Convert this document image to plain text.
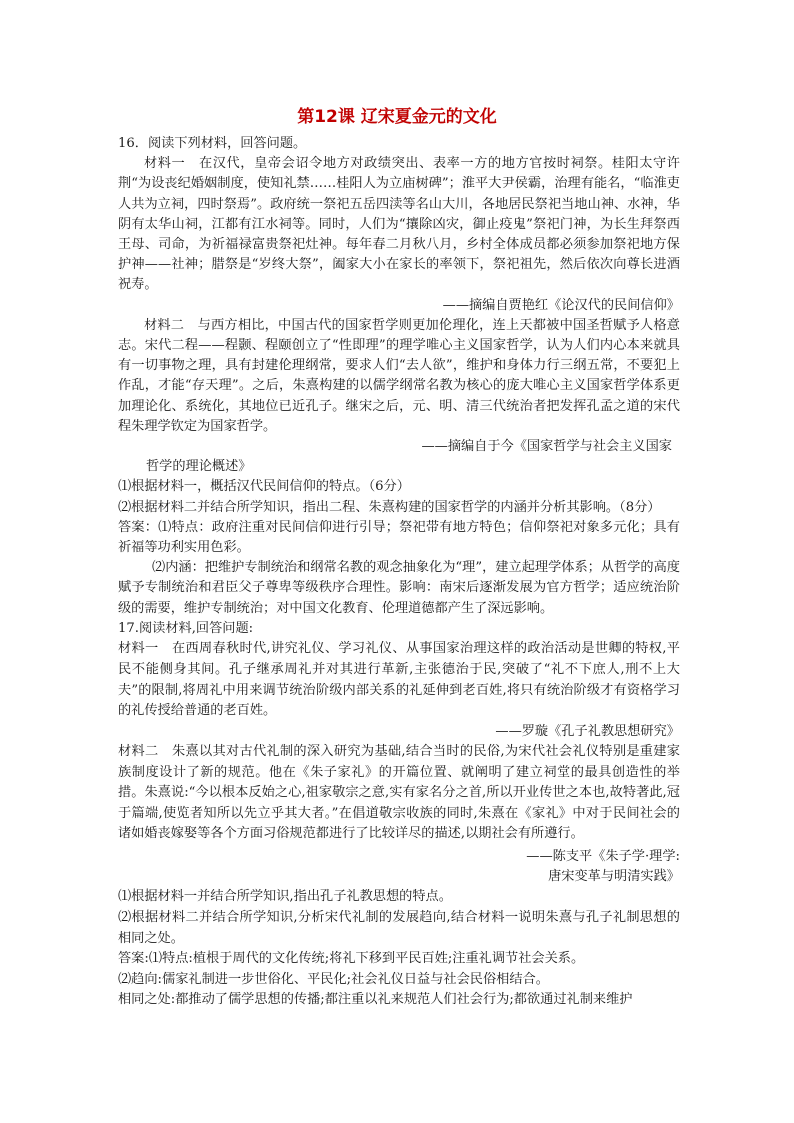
第12课 辽宋夏金元的文化

16．阅读下列材料，回答问题。

材料一　在汉代，皇帝会诏令地方对政绩突出、表率一方的地方官按时祠祭。桂阳太守许荆“为设丧纪婚姻制度，使知礼禁……桂阳人为立庙树碑”；淮平大尹侯霸，治理有能名，“临淮吏人共为立祠，四时祭焉”。政府统一祭祀五岳四渎等名山大川，各地居民祭祀当地山神、水神，华阴有太华山祠，江都有江水祠等。同时，人们为“攘除凶灾，御止疫鬼”祭祀门神，为长生拜祭西王母、司命，为祈福禄富贵祭祀灶神。每年春二月秋八月，乡村全体成员都必须参加祭祀地方保护神——社神；腊祭是“岁终大祭”，阖家大小在家长的率领下，祭祀祖先，然后依次向尊长进酒祝寿。

——摘编自贾艳红《论汉代的民间信仰》

材料二　与西方相比，中国古代的国家哲学则更加伦理化，连上天都被中国圣哲赋予人格意志。宋代二程——程颢、程颐创立了“性即理”的理学唯心主义国家哲学，认为人们内心本来就具有一切事物之理，具有封建伦理纲常，要求人们“去人欲”，维护和身体力行三纲五常，不要犯上作乱，才能“存天理”。之后，朱熹构建的以儒学纲常名教为核心的庞大唯心主义国家哲学体系更加理论化、系统化，其地位已近孔子。继宋之后，元、明、清三代统治者把发挥孔孟之道的宋代程朱理学钦定为国家哲学。

——摘编自于今《国家哲学与社会主义国家

哲学的理论概述》

⑴根据材料一，概括汉代民间信仰的特点。（6分）

⑵根据材料二并结合所学知识，指出二程、朱熹构建的国家哲学的内涵并分析其影响。（8分）

答案：⑴特点：政府注重对民间信仰进行引导；祭祀带有地方特色；信仰祭祀对象多元化；具有祈福等功利实用色彩。

⑵内涵：把维护专制统治和纲常名教的观念抽象化为“理”，建立起理学体系；从哲学的高度赋予专制统治和君臣父子尊卑等级秩序合理性。影响：南宋后逐渐发展为官方哲学；适应统治阶级的需要，维护专制统治；对中国文化教育、伦理道德都产生了深远影响。

17.阅读材料,回答问题:

材料一　在西周春秋时代,讲究礼仪、学习礼仪、从事国家治理这样的政治活动是世卿的特权,平民不能侧身其间。孔子继承周礼并对其进行革新,主张德治于民,突破了“礼不下庶人,刑不上大夫”的限制,将周礼中用来调节统治阶级内部关系的礼延伸到老百姓,将只有统治阶级才有资格学习的礼传授给普通的老百姓。

——罗璇《孔子礼教思想研究》

材料二　朱熹以其对古代礼制的深入研究为基础,结合当时的民俗,为宋代社会礼仪特别是重建家族制度设计了新的规范。他在《朱子家礼》的开篇位置、就阐明了建立祠堂的最具创造性的举措。朱熹说:“今以根本反始之心,祖家敬宗之意,实有家名分之首,所以开业传世之本也,故特著此,冠于篇端,使览者知所以先立乎其大者。”在倡道敬宗收族的同时,朱熹在《家礼》中对于民间社会的诸如婚丧嫁娶等各个方面习俗规范都进行了比较详尽的描述,以期社会有所遵行。

——陈支平《朱子学·理学:

唐宋变革与明清实践》

⑴根据材料一并结合所学知识,指出孔子礼教思想的特点。

⑵根据材料二并结合所学知识,分析宋代礼制的发展趋向,结合材料一说明朱熹与孔子礼制思想的相同之处。

答案:⑴特点:植根于周代的文化传统;将礼下移到平民百姓;注重礼调节社会关系。

⑵趋向:儒家礼制进一步世俗化、平民化;社会礼仪日益与社会民俗相结合。

相同之处:都推动了儒学思想的传播;都注重以礼来规范人们社会行为;都欲通过礼制来维护
